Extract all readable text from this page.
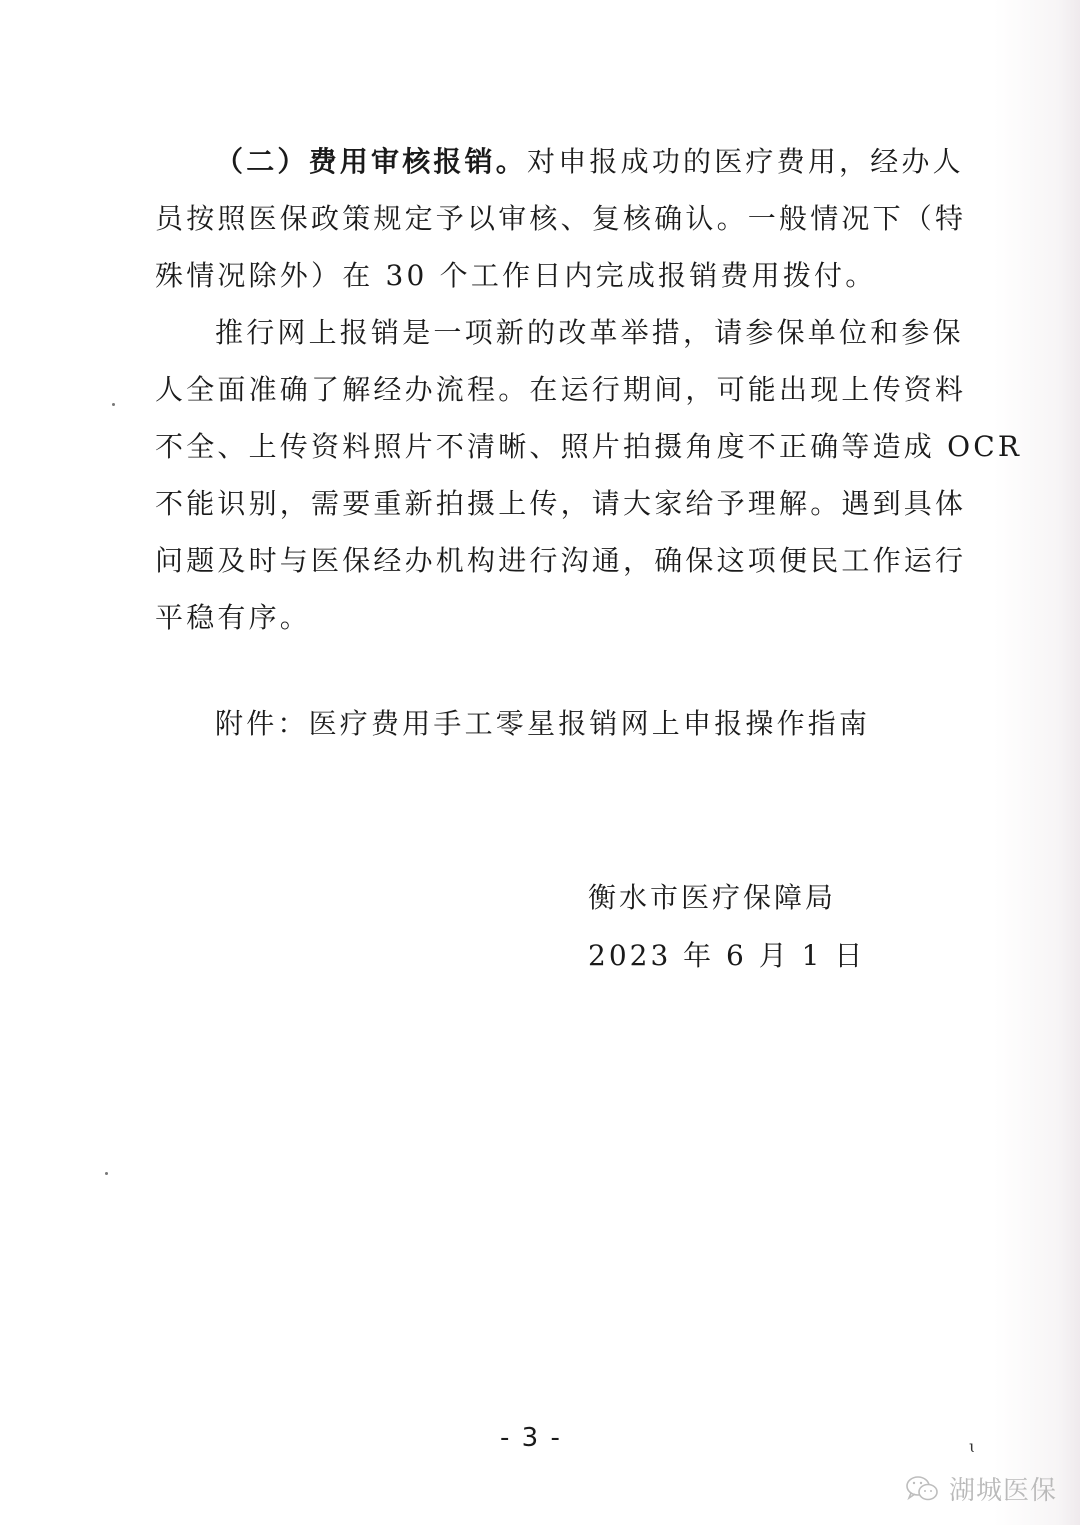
（二）费用审核报销。对申报成功的医疗费用，经办人
员按照医保政策规定予以审核、复核确认。一般情况下（特
殊情况除外）在 30 个工作日内完成报销费用拨付。
推行网上报销是一项新的改革举措，请参保单位和参保
人全面准确了解经办流程。在运行期间，可能出现上传资料
不全、上传资料照片不清晰、照片拍摄角度不正确等造成 OCR
不能识别，需要重新拍摄上传，请大家给予理解。遇到具体
问题及时与医保经办机构进行沟通，确保这项便民工作运行
平稳有序。
附件：医疗费用手工零星报销网上申报操作指南
衡水市医疗保障局
2023 年 6 月 1 日
- 3 -	ɩ
湖城医保
